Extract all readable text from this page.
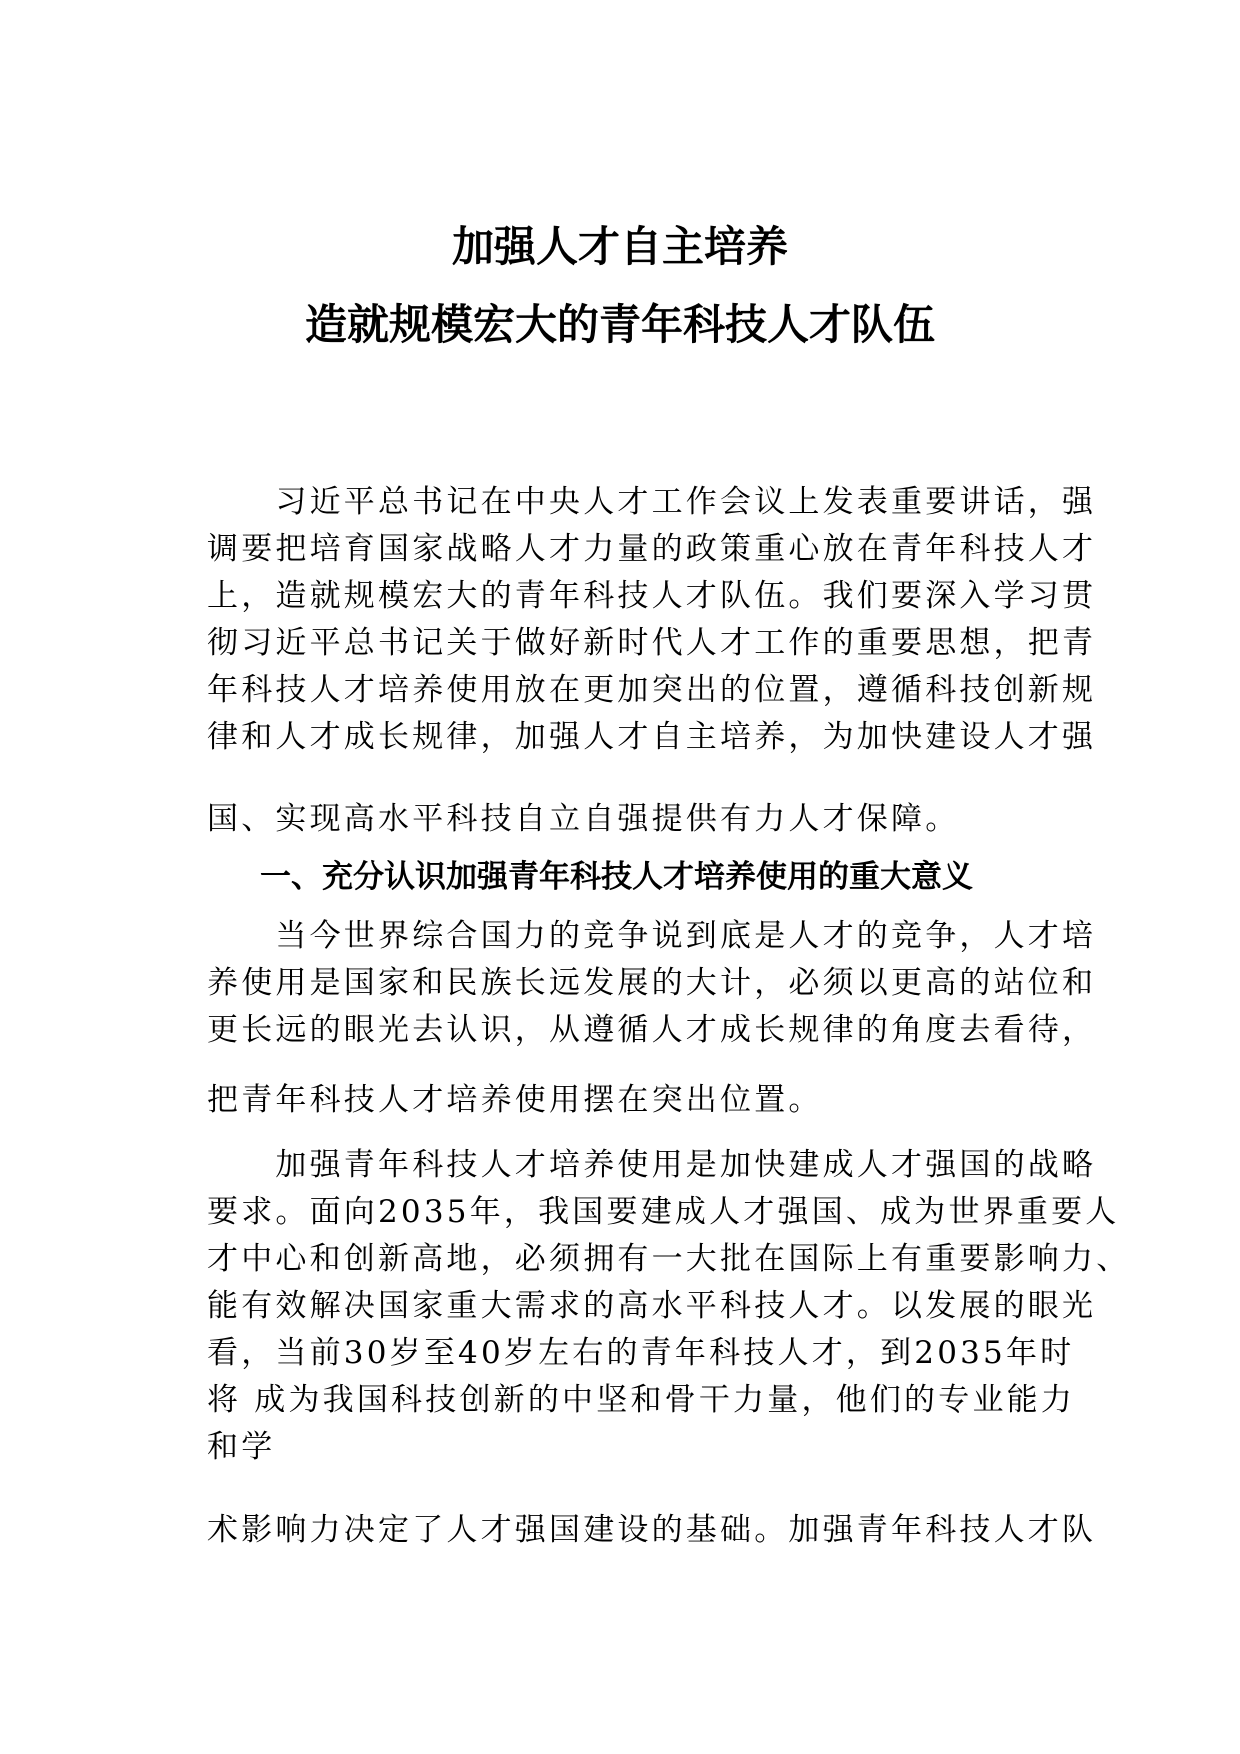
加强人才自主培养
造就规模宏大的青年科技人才队伍

　　习近平总书记在中央人才工作会议上发表重要讲话，强

调要把培育国家战略人才力量的政策重心放在青年科技人才

上，造就规模宏大的青年科技人才队伍。我们要深入学习贯

彻习近平总书记关于做好新时代人才工作的重要思想，把青

年科技人才培养使用放在更加突出的位置，遵循科技创新规

律和人才成长规律，加强人才自主培养，为加快建设人才强

国、实现高水平科技自立自强提供有力人才保障。

一、充分认识加强青年科技人才培养使用的重大意义

　　当今世界综合国力的竞争说到底是人才的竞争，人才培

养使用是国家和民族长远发展的大计，必须以更高的站位和

更长远的眼光去认识，从遵循人才成长规律的角度去看待，

把青年科技人才培养使用摆在突出位置。

　　加强青年科技人才培养使用是加快建成人才强国的战略

要求。面向2035年，我国要建成人才强国、成为世界重要人

才中心和创新高地，必须拥有一大批在国际上有重要影响力、

能有效解决国家重大需求的高水平科技人才。以发展的眼光

看，当前30岁至40岁左右的青年科技人才，到2035年时

将 成为我国科技创新的中坚和骨干力量，他们的专业能力

和学

术影响力决定了人才强国建设的基础。加强青年科技人才队
